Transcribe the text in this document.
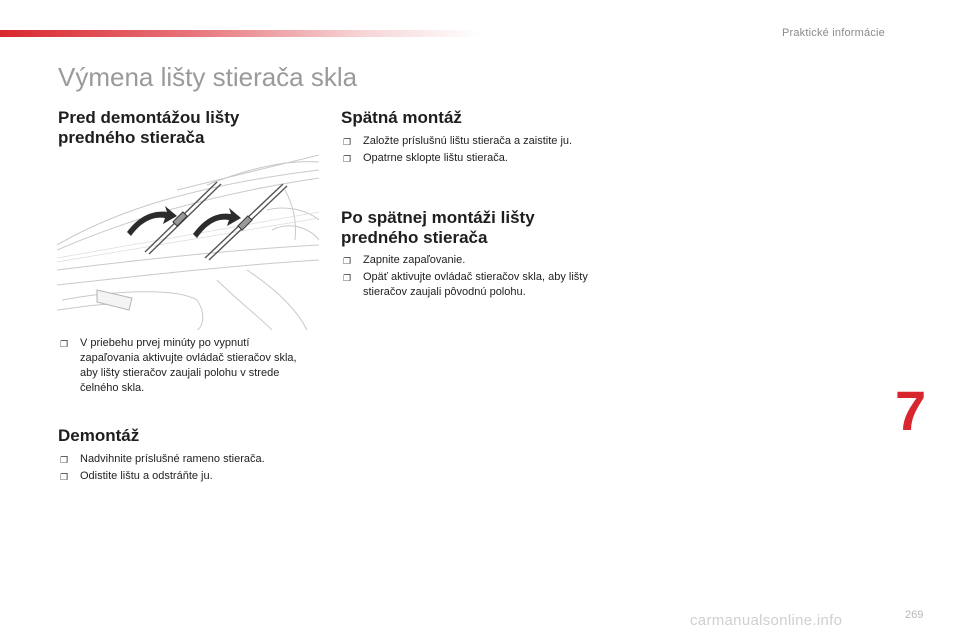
Praktické informácie
Výmena lišty stierača skla
Pred demontážou lišty predného stierača
❐ V priebehu prvej minúty po vypnutí zapaľovania aktivujte ovládač stieračov skla, aby lišty stieračov zaujali polohu v strede čelného skla.
Demontáž
❐ Nadvihnite príslušné rameno stierača.
❐ Odistite lištu a odstráňte ju.
Spätná montáž
❐ Založte príslušnú lištu stierača a zaistite ju.
❐ Opatrne sklopte lištu stierača.
Po spätnej montáži lišty predného stierača
❐ Zapnite zapaľovanie.
❐ Opäť aktivujte ovládač stieračov skla, aby lišty stieračov zaujali pôvodnú polohu.
7
carmanualsonline.info	269
